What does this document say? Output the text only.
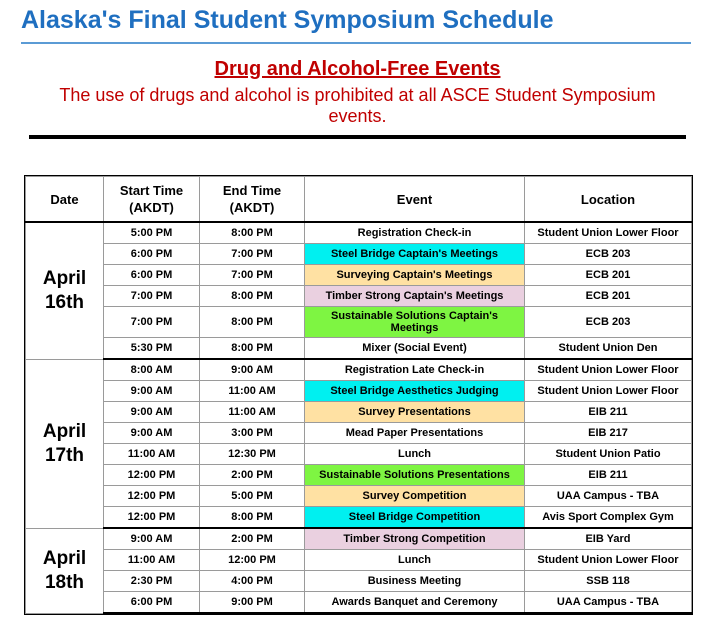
Alaska's Final Student Symposium Schedule
Drug and Alcohol-Free Events
The use of drugs and alcohol is prohibited at all ASCE Student Symposium events.
Date	Start Time (AKDT)	End Time (AKDT)	Event	Location
April 16th	5:00 PM	8:00 PM	Registration Check-in	Student Union Lower Floor
	6:00 PM	7:00 PM	Steel Bridge Captain's Meetings	ECB 203
	6:00 PM	7:00 PM	Surveying Captain's Meetings	ECB 201
	7:00 PM	8:00 PM	Timber Strong Captain's Meetings	ECB 201
	7:00 PM	8:00 PM	Sustainable Solutions Captain's Meetings	ECB 203
	5:30 PM	8:00 PM	Mixer (Social Event)	Student Union Den
April 17th	8:00 AM	9:00 AM	Registration Late Check-in	Student Union Lower Floor
	9:00 AM	11:00 AM	Steel Bridge Aesthetics Judging	Student Union Lower Floor
	9:00 AM	11:00 AM	Survey Presentations	EIB 211
	9:00 AM	3:00 PM	Mead Paper Presentations	EIB 217
	11:00 AM	12:30 PM	Lunch	Student Union Patio
	12:00 PM	2:00 PM	Sustainable Solutions Presentations	EIB 211
	12:00 PM	5:00 PM	Survey Competition	UAA Campus - TBA
	12:00 PM	8:00 PM	Steel Bridge Competition	Avis Sport Complex Gym
April 18th	9:00 AM	2:00 PM	Timber Strong Competition	EIB Yard
	11:00 AM	12:00 PM	Lunch	Student Union Lower Floor
	2:30 PM	4:00 PM	Business Meeting	SSB 118
	6:00 PM	9:00 PM	Awards Banquet and Ceremony	UAA Campus - TBA
